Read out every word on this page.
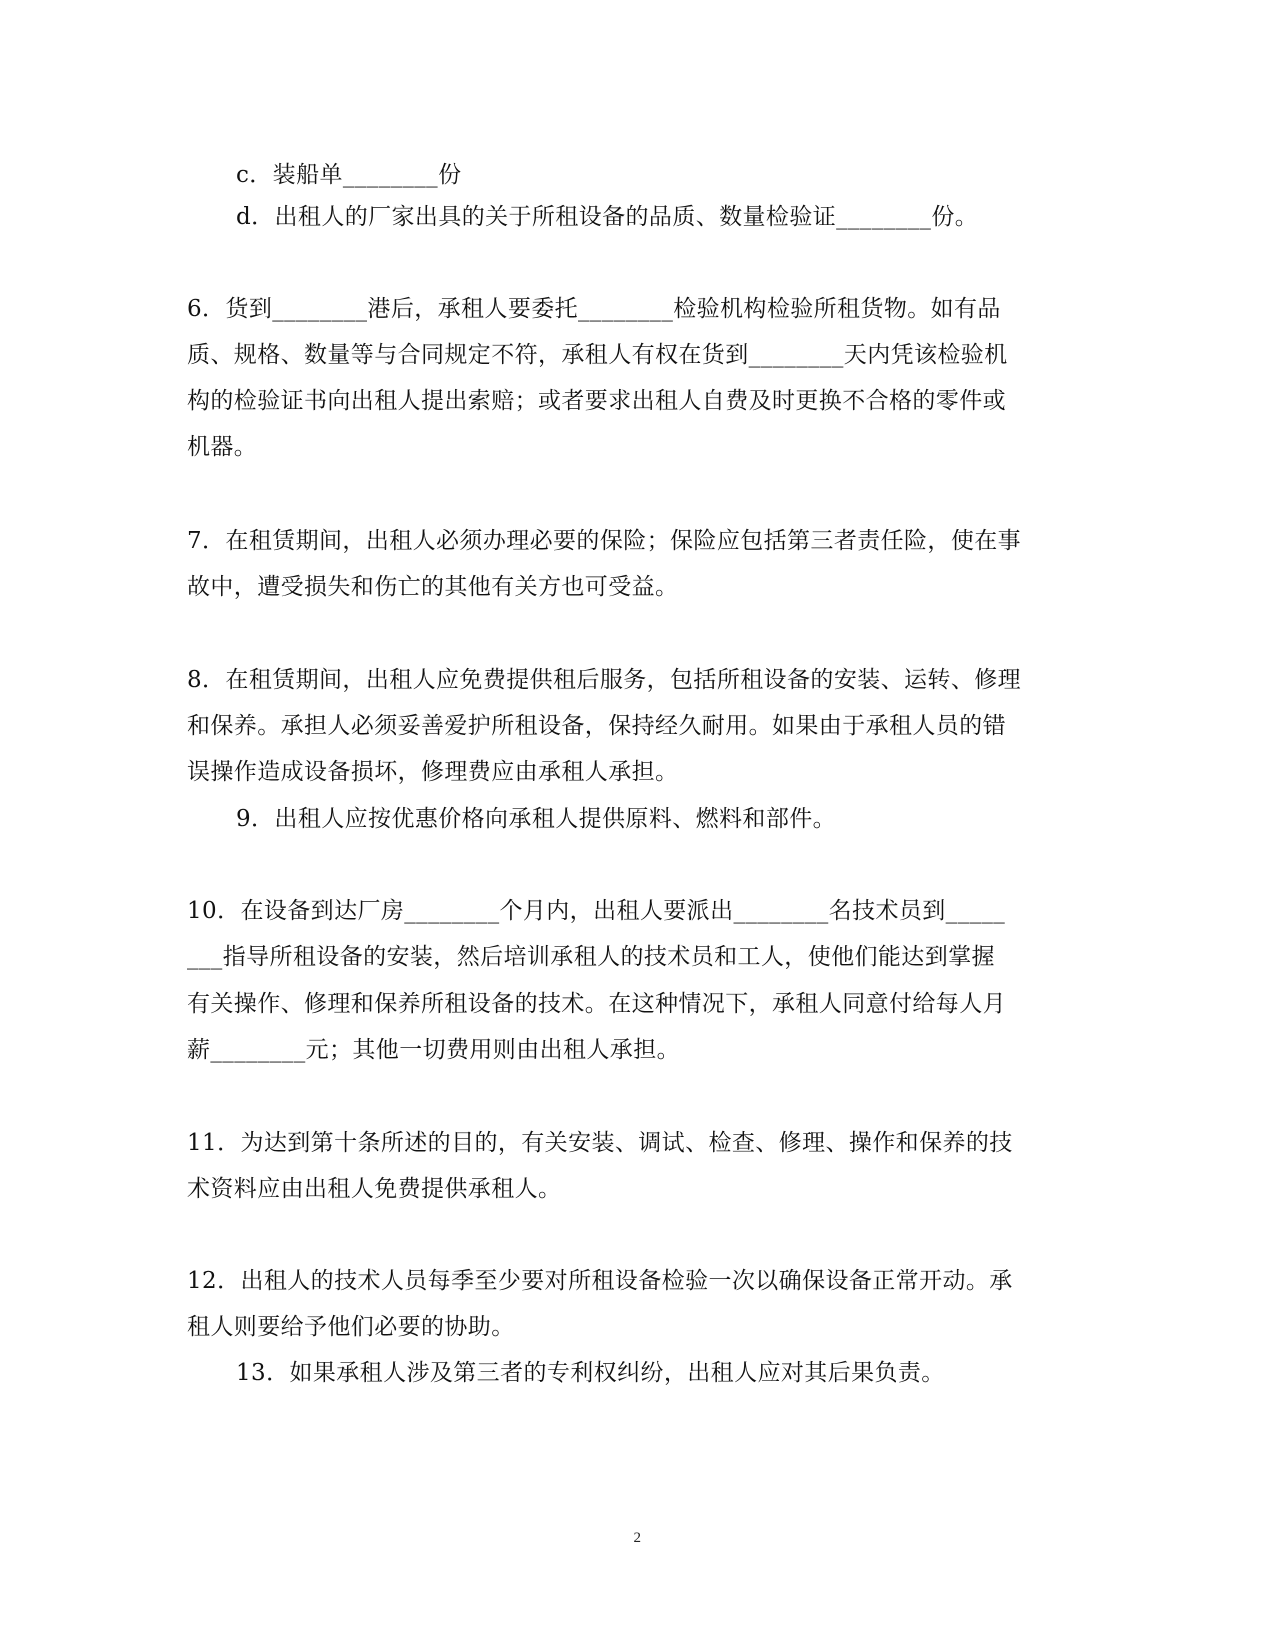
c．装船单________份
d．出租人的厂家出具的关于所租设备的品质、数量检验证________份。
6．货到________港后，承租人要委托________检验机构检验所租货物。如有品
质、规格、数量等与合同规定不符，承租人有权在货到________天内凭该检验机
构的检验证书向出租人提出索赔；或者要求出租人自费及时更换不合格的零件或
机器。
7．在租赁期间，出租人必须办理必要的保险；保险应包括第三者责任险，使在事
故中，遭受损失和伤亡的其他有关方也可受益。
8．在租赁期间，出租人应免费提供租后服务，包括所租设备的安装、运转、修理
和保养。承担人必须妥善爱护所租设备，保持经久耐用。如果由于承租人员的错
误操作造成设备损坏，修理费应由承租人承担。
9．出租人应按优惠价格向承租人提供原料、燃料和部件。
10．在设备到达厂房________个月内，出租人要派出________名技术员到_____
___指导所租设备的安装，然后培训承租人的技术员和工人，使他们能达到掌握
有关操作、修理和保养所租设备的技术。在这种情况下，承租人同意付给每人月
薪________元；其他一切费用则由出租人承担。
11．为达到第十条所述的目的，有关安装、调试、检查、修理、操作和保养的技
术资料应由出租人免费提供承租人。
12．出租人的技术人员每季至少要对所租设备检验一次以确保设备正常开动。承
租人则要给予他们必要的协助。
13．如果承租人涉及第三者的专利权纠纷，出租人应对其后果负责。
2
